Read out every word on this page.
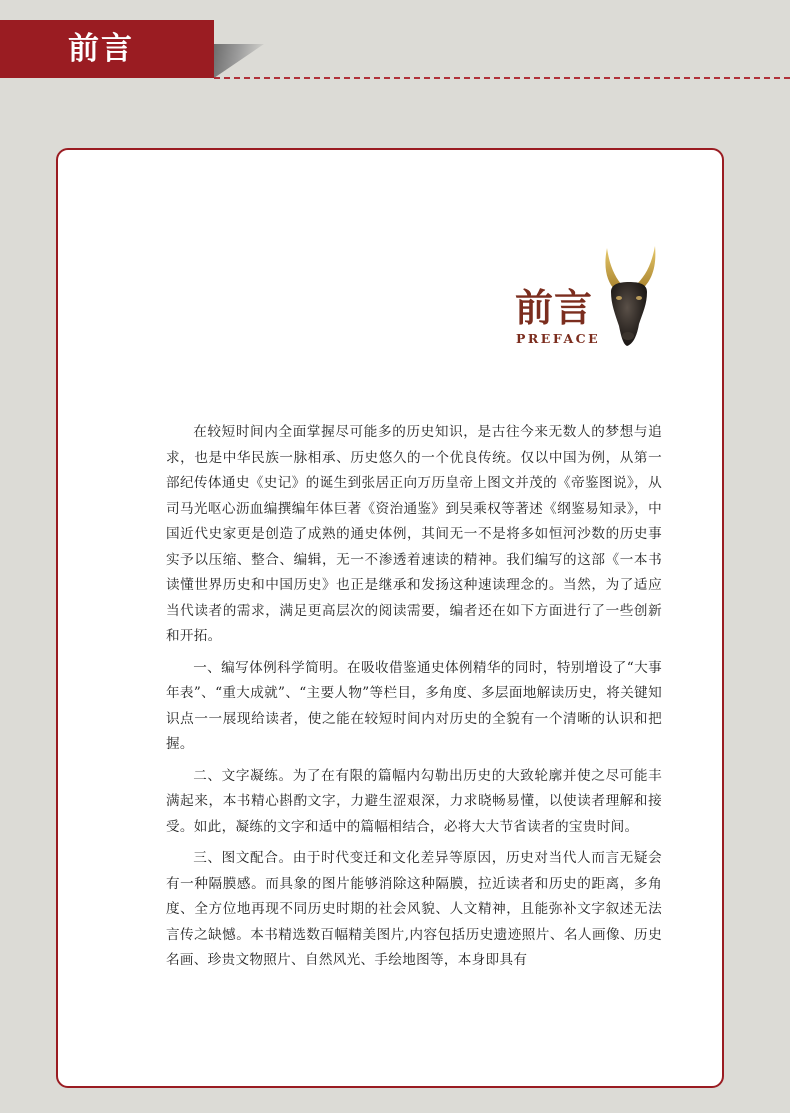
前言
前言
PREFACE

在较短时间内全面掌握尽可能多的历史知识，是古往今来无数人的梦想与追求，也是中华民族一脉相承、历史悠久的一个优良传统。仅以中国为例，从第一部纪传体通史《史记》的诞生到张居正向万历皇帝上图文并茂的《帝鉴图说》，从司马光呕心沥血编撰编年体巨著《资治通鉴》到吴乘权等著述《纲鉴易知录》，中国近代史家更是创造了成熟的通史体例，其间无一不是将多如恒河沙数的历史事实予以压缩、整合、编辑，无一不渗透着速读的精神。我们编写的这部《一本书读懂世界历史和中国历史》也正是继承和发扬这种速读理念的。当然，为了适应当代读者的需求，满足更高层次的阅读需要，编者还在如下方面进行了一些创新和开拓。

一、编写体例科学简明。在吸收借鉴通史体例精华的同时，特别增设了“大事年表”、“重大成就”、“主要人物”等栏目，多角度、多层面地解读历史，将关键知识点一一展现给读者，使之能在较短时间内对历史的全貌有一个清晰的认识和把握。

二、文字凝练。为了在有限的篇幅内勾勒出历史的大致轮廓并使之尽可能丰满起来，本书精心斟酌文字，力避生涩艰深，力求晓畅易懂，以使读者理解和接受。如此，凝练的文字和适中的篇幅相结合，必将大大节省读者的宝贵时间。

三、图文配合。由于时代变迁和文化差异等原因，历史对当代人而言无疑会有一种隔膜感。而具象的图片能够消除这种隔膜，拉近读者和历史的距离，多角度、全方位地再现不同历史时期的社会风貌、人文精神，且能弥补文字叙述无法言传之缺憾。本书精选数百幅精美图片,内容包括历史遗迹照片、名人画像、历史名画、珍贵文物照片、自然风光、手绘地图等，本身即具有
